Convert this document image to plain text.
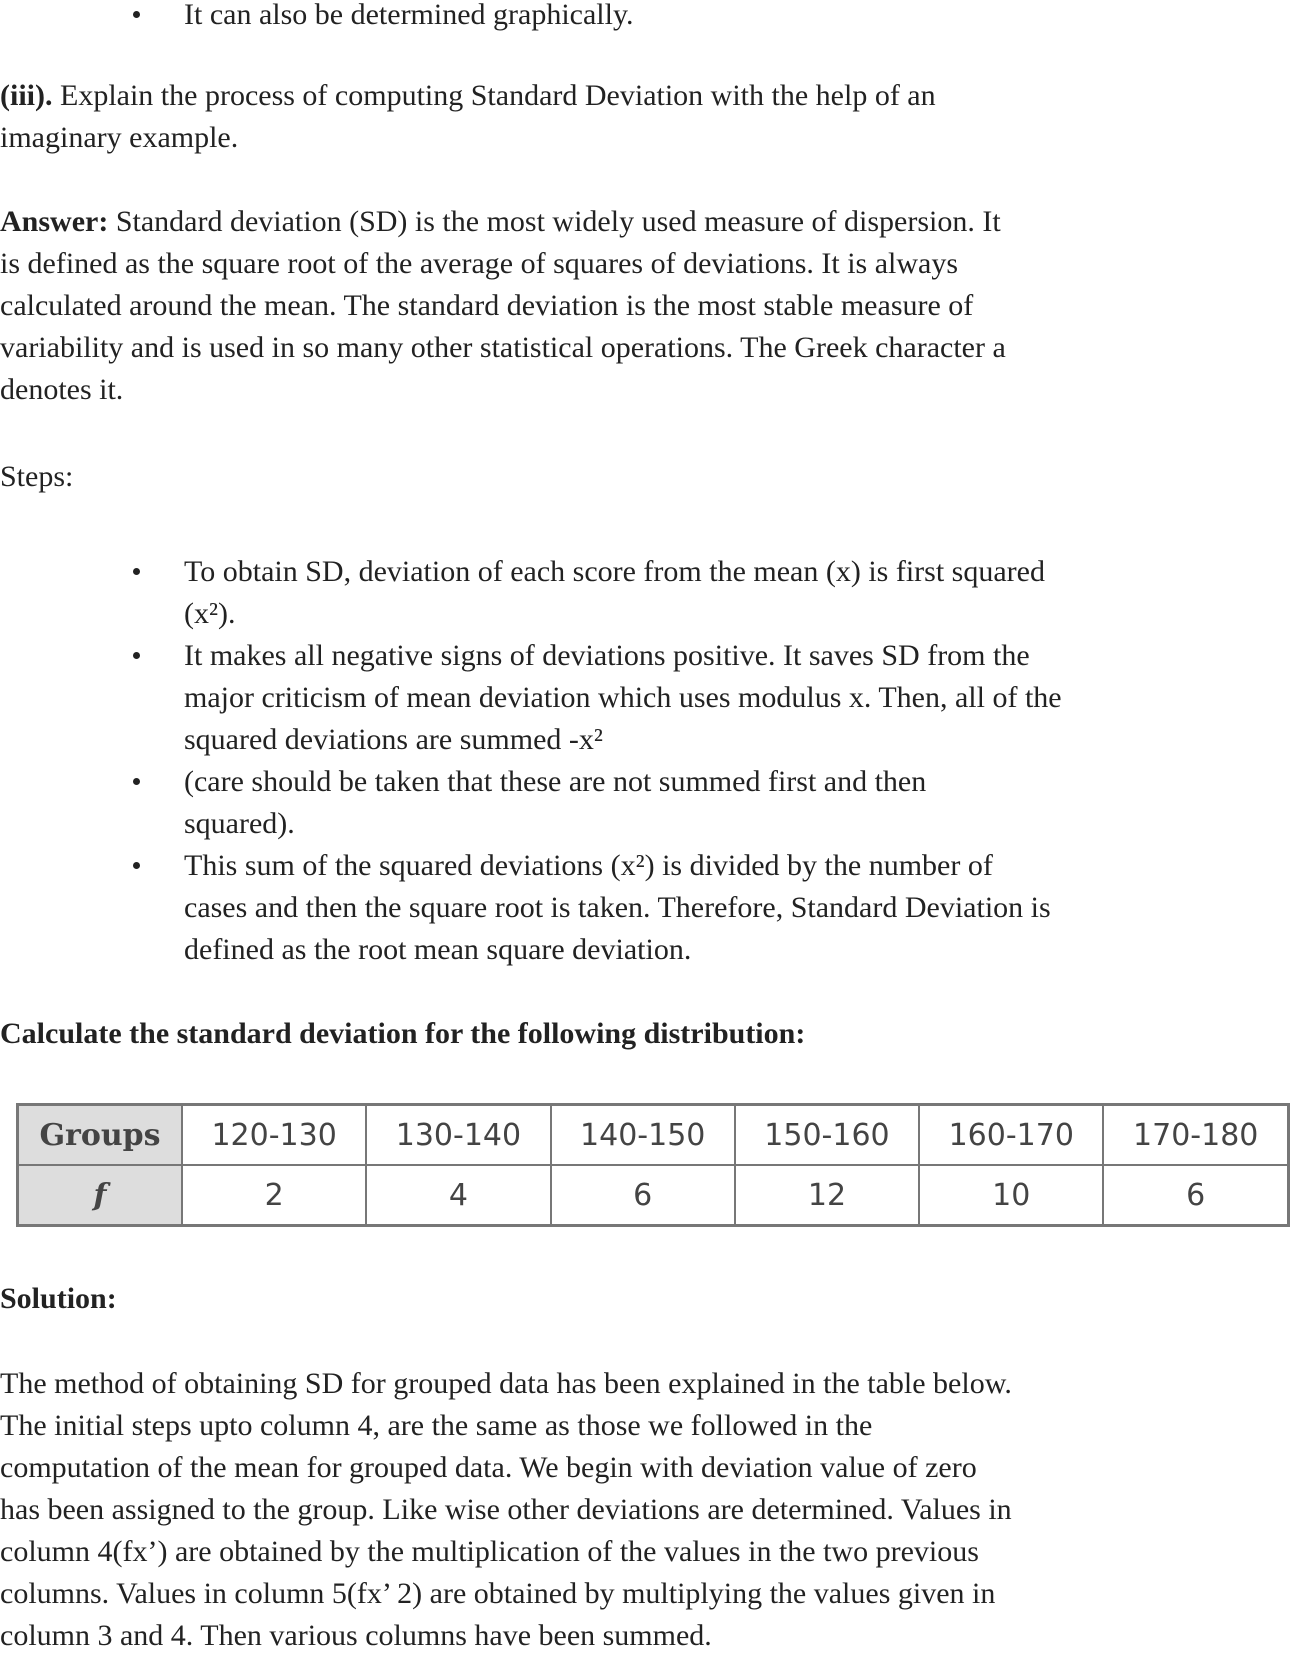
It can also be determined graphically.
(iii). Explain the process of computing Standard Deviation with the help of an
imaginary example.
Answer: Standard deviation (SD) is the most widely used measure of dispersion. It
is defined as the square root of the average of squares of deviations. It is always
calculated around the mean. The standard deviation is the most stable measure of
variability and is used in so many other statistical operations. The Greek character a
denotes it.
Steps:
To obtain SD, deviation of each score from the mean (x) is first squared
(x²).
It makes all negative signs of deviations positive. It saves SD from the
major criticism of mean deviation which uses modulus x. Then, all of the
squared deviations are summed -x²
(care should be taken that these are not summed first and then
squared).
This sum of the squared deviations (x²) is divided by the number of
cases and then the square root is taken. Therefore, Standard Deviation is
defined as the root mean square deviation.
Calculate the standard deviation for the following distribution:
Groups	120-130	130-140	140-150	150-160	160-170	170-180
f	2	4	6	12	10	6
Solution:
The method of obtaining SD for grouped data has been explained in the table below.
The initial steps upto column 4, are the same as those we followed in the
computation of the mean for grouped data. We begin with deviation value of zero
has been assigned to the group. Like wise other deviations are determined. Values in
column 4(fx’) are obtained by the multiplication of the values in the two previous
columns. Values in column 5(fx’ 2) are obtained by multiplying the values given in
column 3 and 4. Then various columns have been summed.
